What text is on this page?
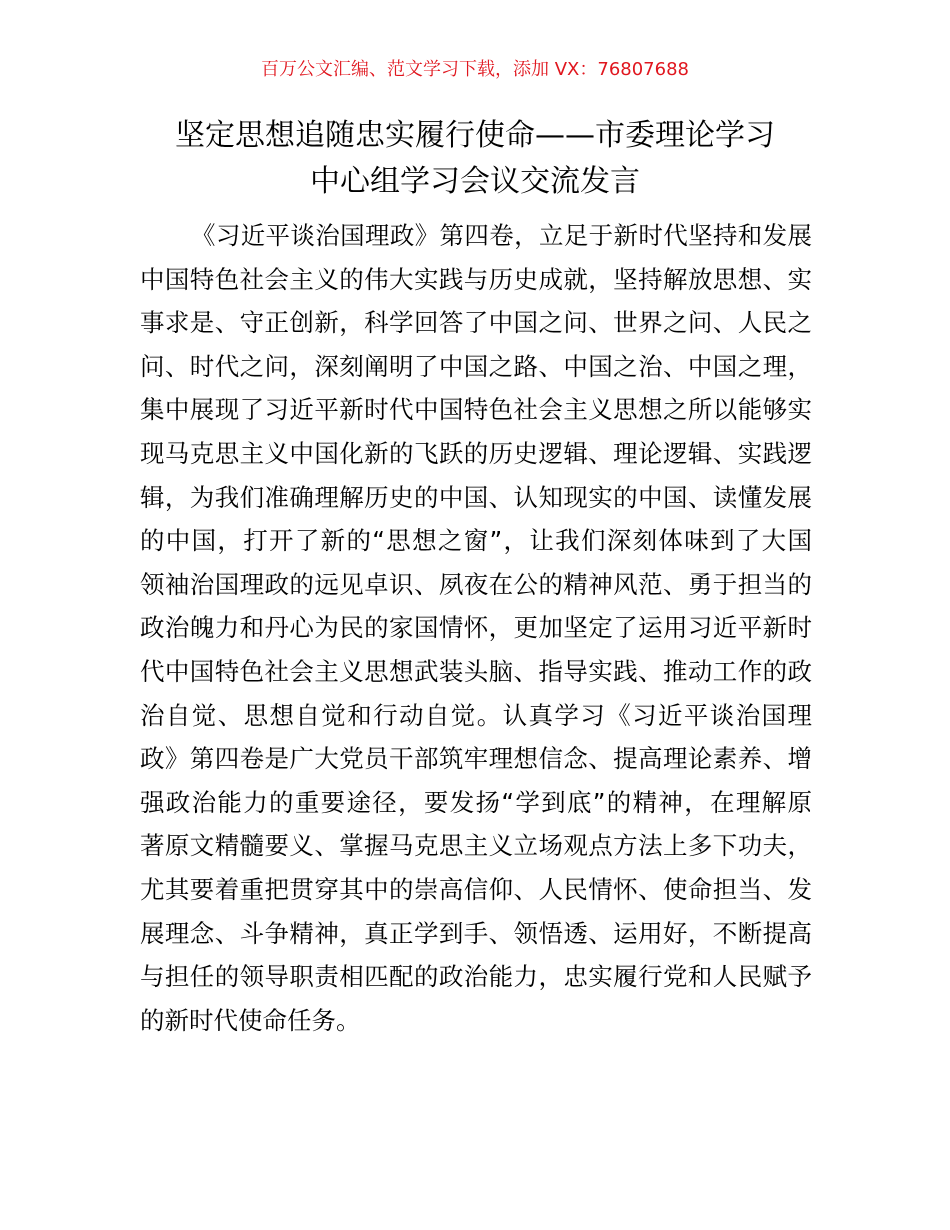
百万公文汇编、范文学习下载，添加 VX：76807688
坚定思想追随忠实履行使命——市委理论学习
中心组学习会议交流发言
《习近平谈治国理政》第四卷，立足于新时代坚持和发展
中国特色社会主义的伟大实践与历史成就，坚持解放思想、实
事求是、守正创新，科学回答了中国之问、世界之问、人民之
问、时代之问，深刻阐明了中国之路、中国之治、中国之理，
集中展现了习近平新时代中国特色社会主义思想之所以能够实
现马克思主义中国化新的飞跃的历史逻辑、理论逻辑、实践逻
辑，为我们准确理解历史的中国、认知现实的中国、读懂发展
的中国，打开了新的“思想之窗”，让我们深刻体味到了大国
领袖治国理政的远见卓识、夙夜在公的精神风范、勇于担当的
政治魄力和丹心为民的家国情怀，更加坚定了运用习近平新时
代中国特色社会主义思想武装头脑、指导实践、推动工作的政
治自觉、思想自觉和行动自觉。认真学习《习近平谈治国理
政》第四卷是广大党员干部筑牢理想信念、提高理论素养、增
强政治能力的重要途径，要发扬“学到底”的精神，在理解原
著原文精髓要义、掌握马克思主义立场观点方法上多下功夫，
尤其要着重把贯穿其中的崇高信仰、人民情怀、使命担当、发
展理念、斗争精神，真正学到手、领悟透、运用好，不断提高
与担任的领导职责相匹配的政治能力，忠实履行党和人民赋予
的新时代使命任务。
